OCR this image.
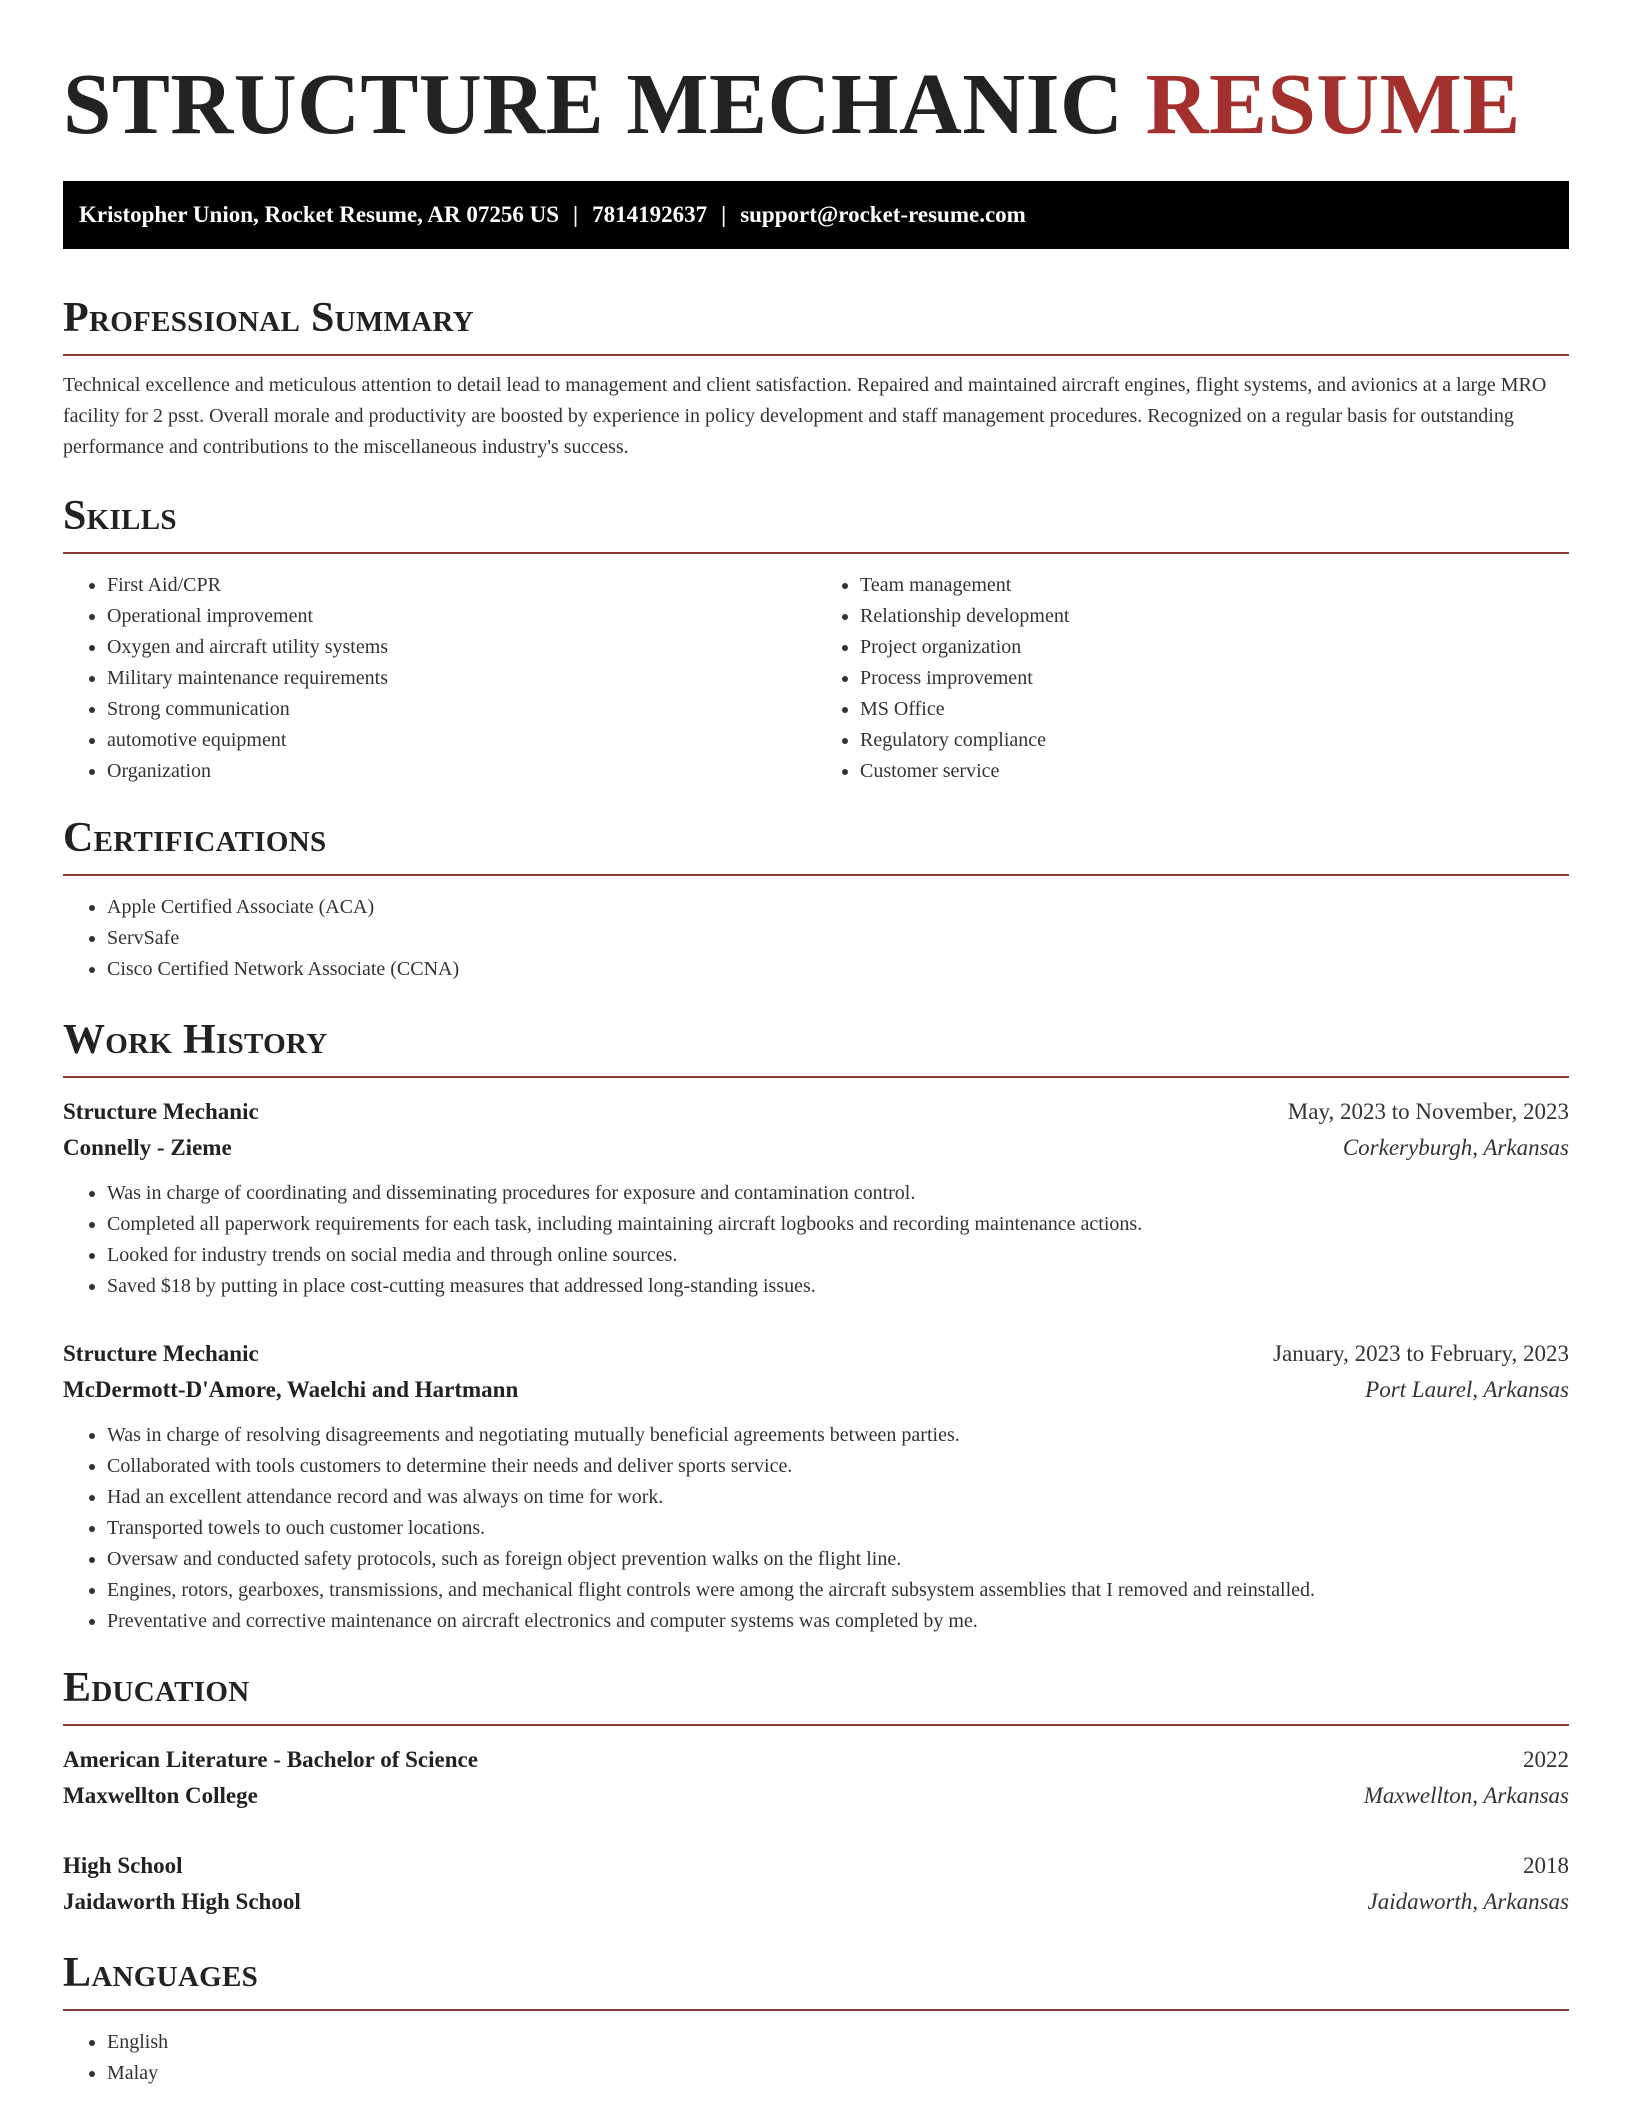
STRUCTURE MECHANIC RESUME
Kristopher Union, Rocket Resume, AR 07256 US | 7814192637 | support@rocket-resume.com
Professional Summary

Technical excellence and meticulous attention to detail lead to management and client satisfaction. Repaired and maintained aircraft engines, flight systems, and avionics at a large MRO facility for 2 psst. Overall morale and productivity are boosted by experience in policy development and staff management procedures. Recognized on a regular basis for outstanding performance and contributions to the miscellaneous industry's success.

Skills
• First Aid/CPR
• Operational improvement
• Oxygen and aircraft utility systems
• Military maintenance requirements
• Strong communication
• automotive equipment
• Organization
• Team management
• Relationship development
• Project organization
• Process improvement
• MS Office
• Regulatory compliance
• Customer service
Certifications
• Apple Certified Associate (ACA)
• ServSafe
• Cisco Certified Network Associate (CCNA)
Work History
Structure Mechanic	May, 2023 to November, 2023
Connelly - Zieme	Corkeryburgh, Arkansas
• Was in charge of coordinating and disseminating procedures for exposure and contamination control.
• Completed all paperwork requirements for each task, including maintaining aircraft logbooks and recording maintenance actions.
• Looked for industry trends on social media and through online sources.
• Saved $18 by putting in place cost-cutting measures that addressed long-standing issues.
Structure Mechanic	January, 2023 to February, 2023
McDermott-D'Amore, Waelchi and Hartmann	Port Laurel, Arkansas
• Was in charge of resolving disagreements and negotiating mutually beneficial agreements between parties.
• Collaborated with tools customers to determine their needs and deliver sports service.
• Had an excellent attendance record and was always on time for work.
• Transported towels to ouch customer locations.
• Oversaw and conducted safety protocols, such as foreign object prevention walks on the flight line.
• Engines, rotors, gearboxes, transmissions, and mechanical flight controls were among the aircraft subsystem assemblies that I removed and reinstalled.
• Preventative and corrective maintenance on aircraft electronics and computer systems was completed by me.
Education
American Literature - Bachelor of Science	2022
Maxwellton College	Maxwellton, Arkansas
High School	2018
Jaidaworth High School	Jaidaworth, Arkansas
Languages
• English
• Malay
